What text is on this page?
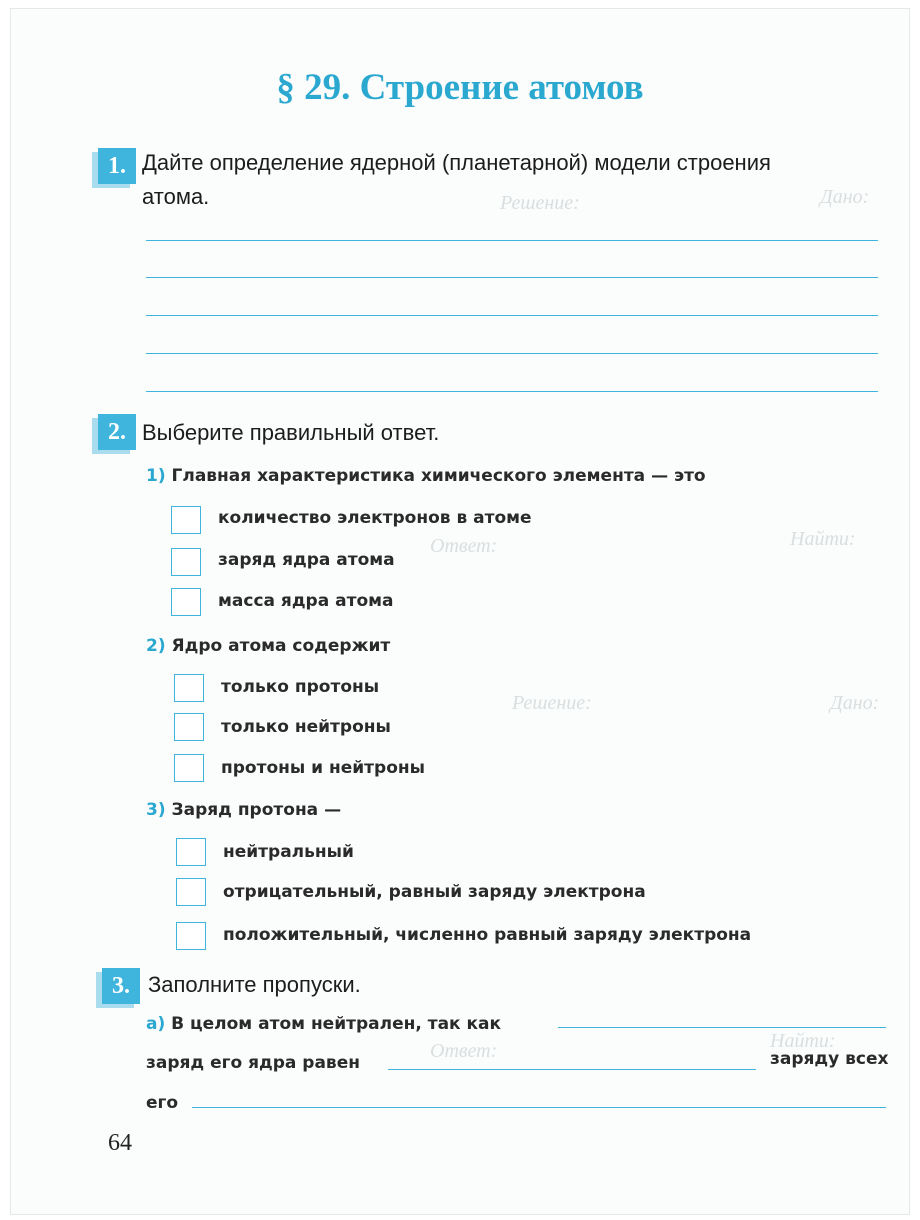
Дано:
Решение:
Найти:
Ответ:
Дано:
Решение:
Найти:
Ответ:
§ 29. Строение атомов
1. Дайте определение ядерной (планетарной) модели строения
атома.
2. Выберите правильный ответ.
1) Главная характеристика химического элемента — это
количество электронов в атоме
заряд ядра атома
масса ядра атома
2) Ядро атома содержит
только протоны
только нейтроны
протоны и нейтроны
3) Заряд протона —
нейтральный
отрицательный, равный заряду электрона
положительный, численно равный заряду электрона
3. Заполните пропуски.
а) В целом атом нейтрален, так как
заряд его ядра равен	заряду всех
его
64
